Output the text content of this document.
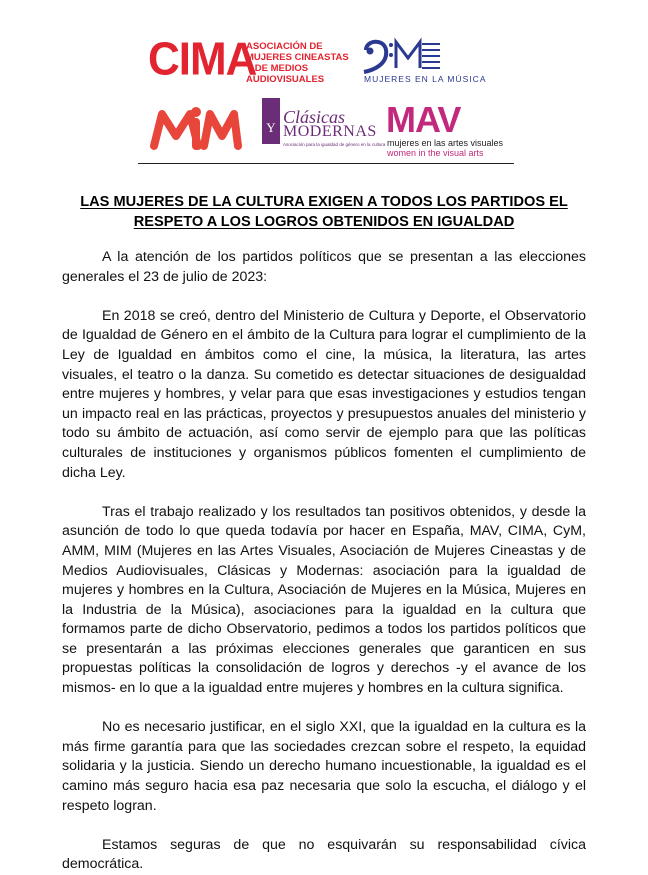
CIMA
ASOCIACIÓN DE MUJERES CINEASTAS Y DE MEDIOS AUDIOVISUALES	MUJERES EN LA MÚSICA
Y
Clásicas
MODERNAS
Asociación para la igualdad de género en la cultura
MAV
mujeres en las artes visuales
women in the visual arts
LAS MUJERES DE LA CULTURA EXIGEN A TODOS LOS PARTIDOS EL RESPETO A LOS LOGROS OBTENIDOS EN IGUALDAD

A la atención de los partidos políticos que se presentan a las elecciones generales el 23 de julio de 2023:

En 2018 se creó, dentro del Ministerio de Cultura y Deporte, el Observatorio de Igualdad de Género en el ámbito de la Cultura para lograr el cumplimiento de la Ley de Igualdad en ámbitos como el cine, la música, la literatura, las artes visuales, el teatro o la danza. Su cometido es detectar situaciones de desigualdad entre mujeres y hombres, y velar para que esas investigaciones y estudios tengan un impacto real en las prácticas, proyectos y presupuestos anuales del ministerio y todo su ámbito de actuación, así como servir de ejemplo para que las políticas culturales de instituciones y organismos públicos fomenten el cumplimiento de dicha Ley.

Tras el trabajo realizado y los resultados tan positivos obtenidos, y desde la asunción de todo lo que queda todavía por hacer en España, MAV, CIMA, CyM, AMM, MIM (Mujeres en las Artes Visuales, Asociación de Mujeres Cineastas y de Medios Audiovisuales, Clásicas y Modernas: asociación para la igualdad de mujeres y hombres en la Cultura, Asociación de Mujeres en la Música, Mujeres en la Industria de la Música), asociaciones para la igualdad en la cultura que formamos parte de dicho Observatorio, pedimos a todos los partidos políticos que se presentarán a las próximas elecciones generales que garanticen en sus propuestas políticas la consolidación de logros y derechos -y el avance de los mismos- en lo que a la igualdad entre mujeres y hombres en la cultura significa.

No es necesario justificar, en el siglo XXI, que la igualdad en la cultura es la más firme garantía para que las sociedades crezcan sobre el respeto, la equidad solidaria y la justicia. Siendo un derecho humano incuestionable, la igualdad es el camino más seguro hacia esa paz necesaria que solo la escucha, el diálogo y el respeto logran.

Estamos seguras de que no esquivarán su responsabilidad cívica democrática.
